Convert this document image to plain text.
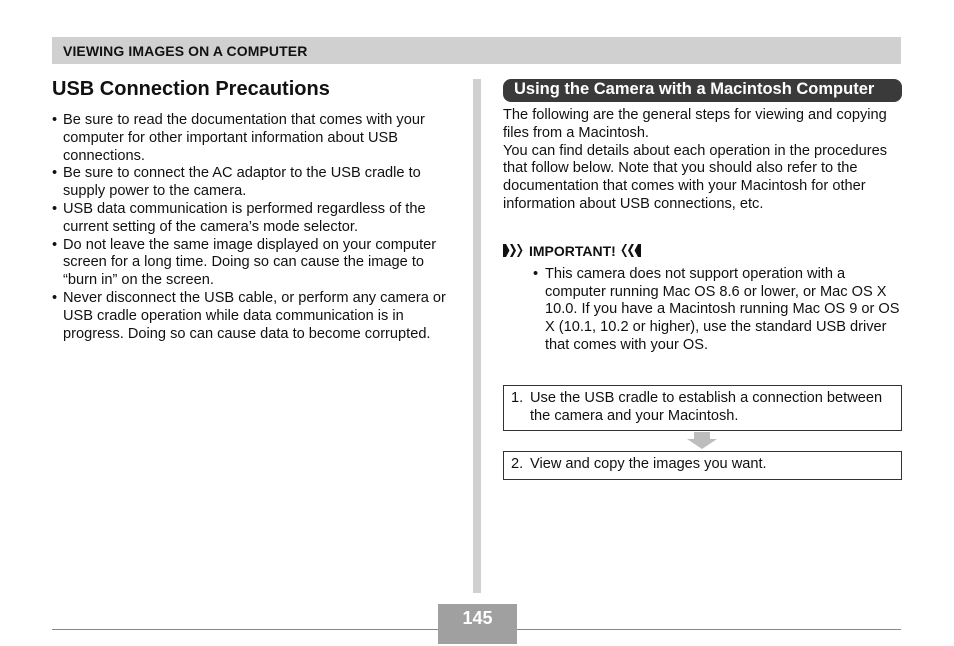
VIEWING IMAGES ON A COMPUTER
USB Connection Precautions
• Be sure to read the documentation that comes with your computer for other important information about USB connections.
• Be sure to connect the AC adaptor to the USB cradle to supply power to the camera.
• USB data communication is performed regardless of the current setting of the camera’s mode selector.
• Do not leave the same image displayed on your computer screen for a long time. Doing so can cause the image to “burn in” on the screen.
• Never disconnect the USB cable, or perform any camera or USB cradle operation while data communication is in progress. Doing so can cause data to become corrupted.
Using the Camera with a Macintosh Computer

The following are the general steps for viewing and copying files from a Macintosh.

You can find details about each operation in the procedures that follow below. Note that you should also refer to the documentation that comes with your Macintosh for other information about USB connections, etc.

IMPORTANT!
• This camera does not support operation with a computer running Mac OS 8.6 or lower, or Mac OS X 10.0. If you have a Macintosh running Mac OS 9 or OS X (10.1, 10.2 or higher), use the standard USB driver that comes with your OS.
1. Use the USB cradle to establish a connection between the camera and your Macintosh.
2. View and copy the images you want.
145
